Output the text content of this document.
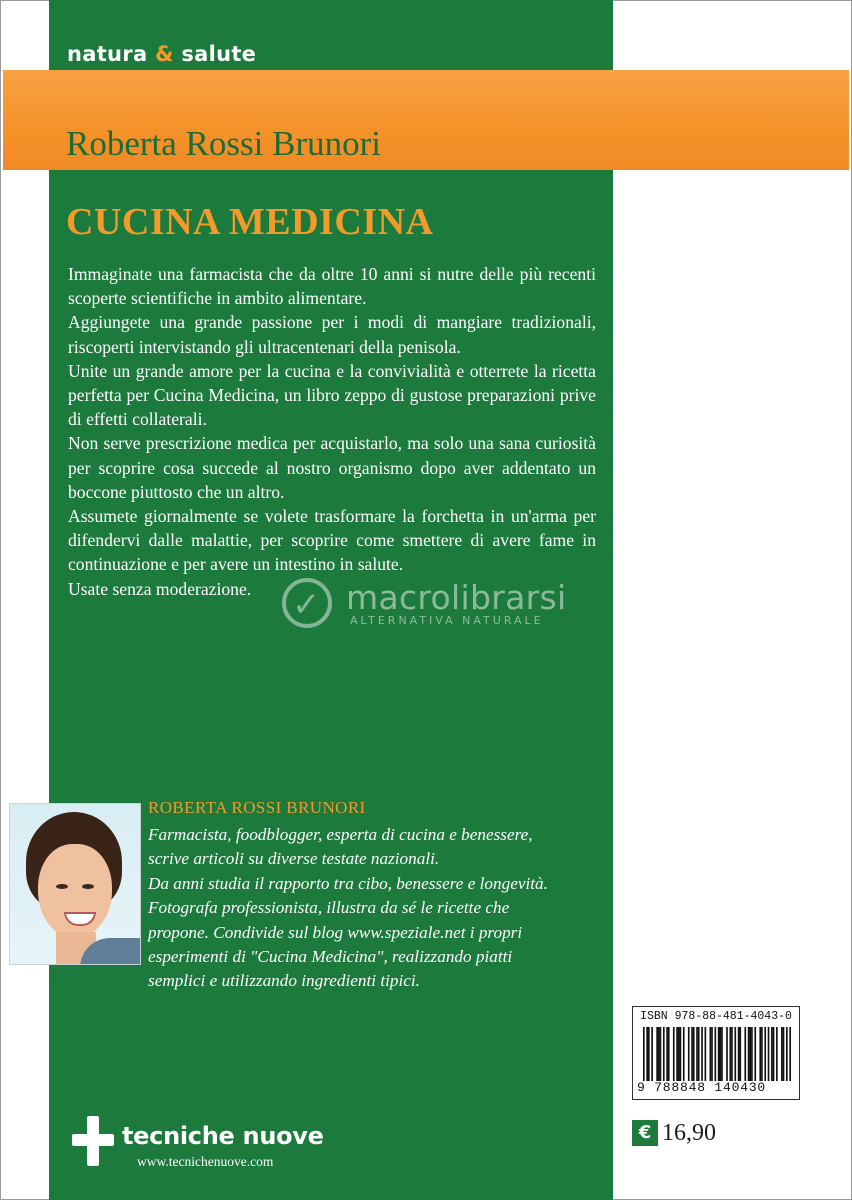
natura & salute
Roberta Rossi Brunori
CUCINA MEDICINA

Immaginate una farmacista che da oltre 10 anni si nutre delle più recenti scoperte scientifiche in ambito alimentare.

Aggiungete una grande passione per i modi di mangiare tradizionali, riscoperti intervistando gli ultracentenari della penisola.

Unite un grande amore per la cucina e la convivialità e otterrete la ricetta perfetta per Cucina Medicina, un libro zeppo di gustose preparazioni prive di effetti collaterali.

Non serve prescrizione medica per acquistarlo, ma solo una sana curiosità per scoprire cosa succede al nostro organismo dopo aver addentato un boccone piuttosto che un altro.

Assumete giornalmente se volete trasformare la forchetta in un'arma per difendervi dalle malattie, per scoprire come smettere di avere fame in continuazione e per avere un intestino in salute.

Usate senza moderazione.	✓ macrolibrarsi
ALTERNATIVA NATURALE
ROBERTA ROSSI BRUNORI

Farmacista, foodblogger, esperta di cucina e benessere,

scrive articoli su diverse testate nazionali.

Da anni studia il rapporto tra cibo, benessere e longevità.

Fotografa professionista, illustra da sé le ricette che

propone. Condivide sul blog www.speziale.net i propri

esperimenti di "Cucina Medicina", realizzando piatti

semplici e utilizzando ingredienti tipici.

tecniche nuove
www.tecnichenuove.com
ISBN 978-88-481-4043-0
9 788848 140430
€ 16,90
